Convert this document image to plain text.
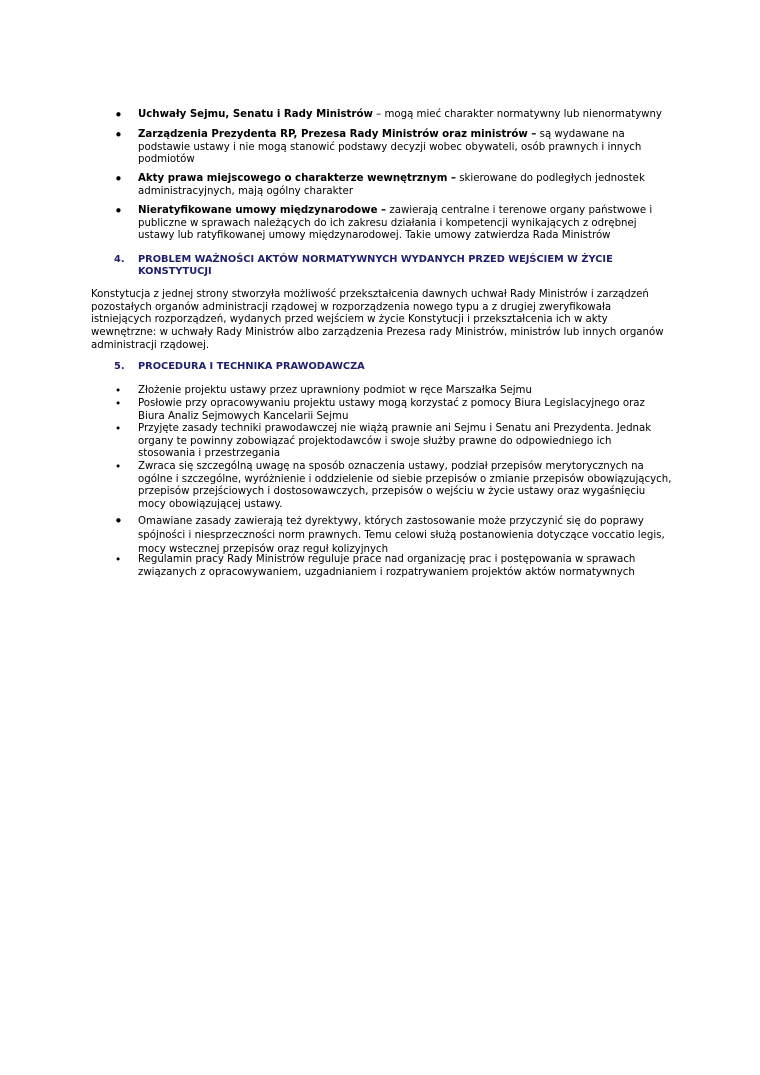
• Uchwały Sejmu, Senatu i Rady Ministrów – mogą mieć charakter normatywny lub nienormatywny
• Zarządzenia Prezydenta RP, Prezesa Rady Ministrów oraz ministrów – są wydawane na podstawie ustawy i nie mogą stanowić podstawy decyzji wobec obywateli, osób prawnych i innych podmiotów
• Akty prawa miejscowego o charakterze wewnętrznym – skierowane do podległych jednostek administracyjnych, mają ogólny charakter
• Nieratyfikowane umowy międzynarodowe – zawierają centralne i terenowe organy państwowe i publiczne w sprawach należących do ich zakresu działania i kompetencji wynikających z odrębnej ustawy lub ratyfikowanej umowy międzynarodowej. Takie umowy zatwierdza Rada Ministrów
4. PROBLEM WAŻNOŚCI AKTÓW NORMATYWNYCH WYDANYCH PRZED WEJŚCIEM W ŻYCIE KONSTYTUCJI
Konstytucja z jednej strony stworzyła możliwość przekształcenia dawnych uchwał Rady Ministrów i zarządzeń pozostałych organów administracji rządowej w rozporządzenia nowego typu a z drugiej zweryfikowała istniejących rozporządzeń, wydanych przed wejściem w życie Konstytucji i przekształcenia ich w akty wewnętrzne: w uchwały Rady Ministrów albo zarządzenia Prezesa rady Ministrów, ministrów lub innych organów administracji rządowej.
5. PROCEDURA I TECHNIKA PRAWODAWCZA
• Złożenie projektu ustawy przez uprawniony podmiot w ręce Marszałka Sejmu
• Posłowie przy opracowywaniu projektu ustawy mogą korzystać z pomocy Biura Legislacyjnego oraz Biura Analiz Sejmowych Kancelarii Sejmu
• Przyjęte zasady techniki prawodawczej nie wiążą prawnie ani Sejmu i Senatu ani Prezydenta. Jednak organy te powinny zobowiązać projektodawców i swoje służby prawne do odpowiedniego ich stosowania i przestrzegania
• Zwraca się szczególną uwagę na sposób oznaczenia ustawy, podział przepisów merytorycznych na ogólne i szczególne, wyróżnienie i oddzielenie od siebie przepisów o zmianie przepisów obowiązujących, przepisów przejściowych i dostosowawczych, przepisów o wejściu w życie ustawy oraz wygaśnięciu mocy obowiązującej ustawy.
• Omawiane zasady zawierają też dyrektywy, których zastosowanie może przyczynić się do poprawy spójności i niesprzeczności norm prawnych. Temu celowi służą postanowienia dotyczące voccatio legis, mocy wstecznej przepisów oraz reguł kolizyjnych
• Regulamin pracy Rady Ministrów reguluje prace nad organizację prac i postępowania w sprawach związanych z opracowywaniem, uzgadnianiem i rozpatrywaniem projektów aktów normatywnych
